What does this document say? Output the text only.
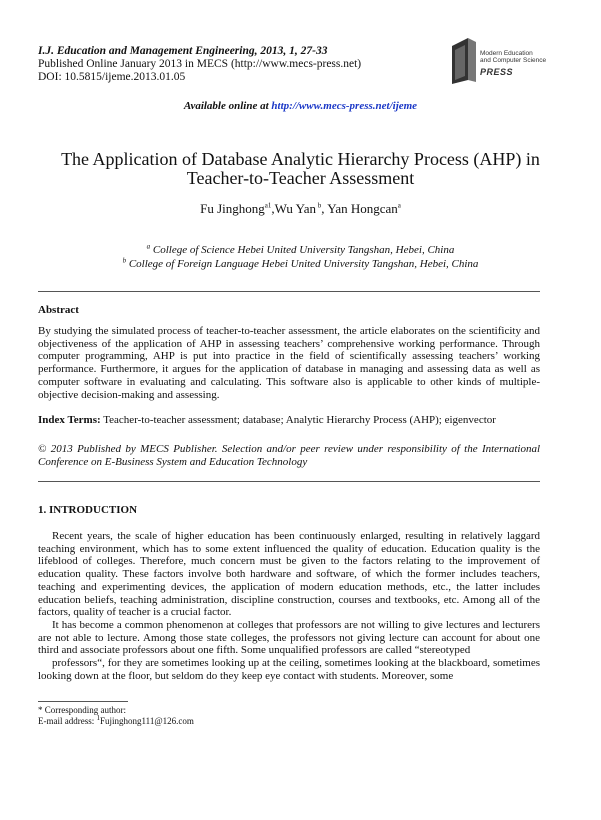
I.J. Education and Management Engineering, 2013, 1, 27-33
Published Online January 2013 in MECS (http://www.mecs-press.net)
DOI: 10.5815/ijeme.2013.01.05
Modern Education
and Computer Science
PRESS
Available online at http://www.mecs-press.net/ijeme
The Application of Database Analytic Hierarchy Process (AHP) in
Teacher-to-Teacher Assessment
Fu Jinghong$^{a1}$,Wu Yan $^b$, Yan Hongcan$^a$
$^a$ College of Science Hebei United University Tangshan, Hebei, China
$^b$ College of Foreign Language Hebei United University Tangshan, Hebei, China
Abstract
By studying the simulated process of teacher-to-teacher assessment, the article elaborates on the scientificity and objectiveness of the application of AHP in assessing teachers’ comprehensive working performance. Through computer programming, AHP is put into practice in the field of scientifically assessing teachers’ working performance. Furthermore, it argues for the application of database in managing and assessing data as well as computer software in evaluating and calculating. This software also is applicable to other kinds of multiple-objective decision-making and assessing.
Index Terms: Teacher-to-teacher assessment; database; Analytic Hierarchy Process (AHP); eigenvector
© 2013 Published by MECS Publisher. Selection and/or peer review under responsibility of the International Conference on E-Business System and Education Technology
1. INTRODUCTION
Recent years, the scale of higher education has been continuously enlarged, resulting in relatively laggard teaching environment, which has to some extent influenced the quality of education. Education quality is the lifeblood of colleges. Therefore, much concern must be given to the factors relating to the improvement of education quality. These factors involve both hardware and software, of which the former includes teachers, teaching and experimenting devices, the application of modern education methods, etc., the latter includes education beliefs, teaching administration, discipline construction, courses and textbooks, etc. Among all of the factors, quality of teacher is a crucial factor.
It has become a common phenomenon at colleges that professors are not willing to give lectures and lecturers are not able to lecture. Among those state colleges, the professors not giving lecture can account for about one third and associate professors about one fifth. Some unqualified professors are called “stereotyped
professors“, for they are sometimes looking up at the ceiling, sometimes looking at the blackboard, sometimes looking down at the floor, but seldom do they keep eye contact with students. Moreover, some
* Corresponding author:
E-mail address: $^1$Fujinghong111@126.com
